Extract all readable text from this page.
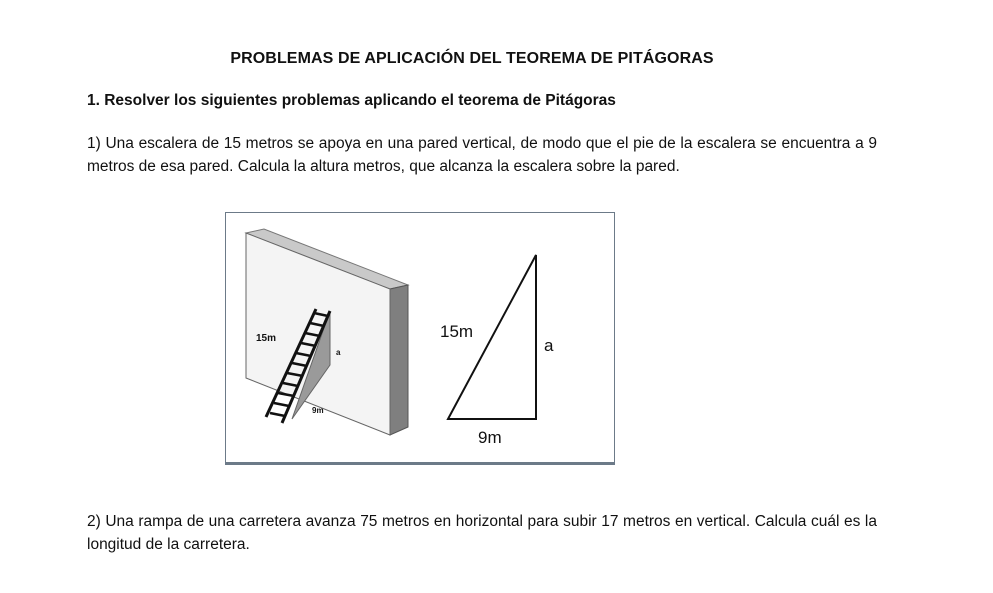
PROBLEMAS DE APLICACIÓN DEL TEOREMA DE PITÁGORAS
1. Resolver los siguientes problemas aplicando el teorema de Pitágoras
1) Una escalera de 15 metros se apoya en una pared vertical, de modo que el pie de la escalera se encuentra a 9 metros de esa pared. Calcula la altura metros, que alcanza la escalera sobre la pared.
15m
a
9m
15m
a
9m
2) Una rampa de una carretera avanza 75 metros en horizontal para subir 17 metros en vertical. Calcula cuál es la longitud de la carretera.
